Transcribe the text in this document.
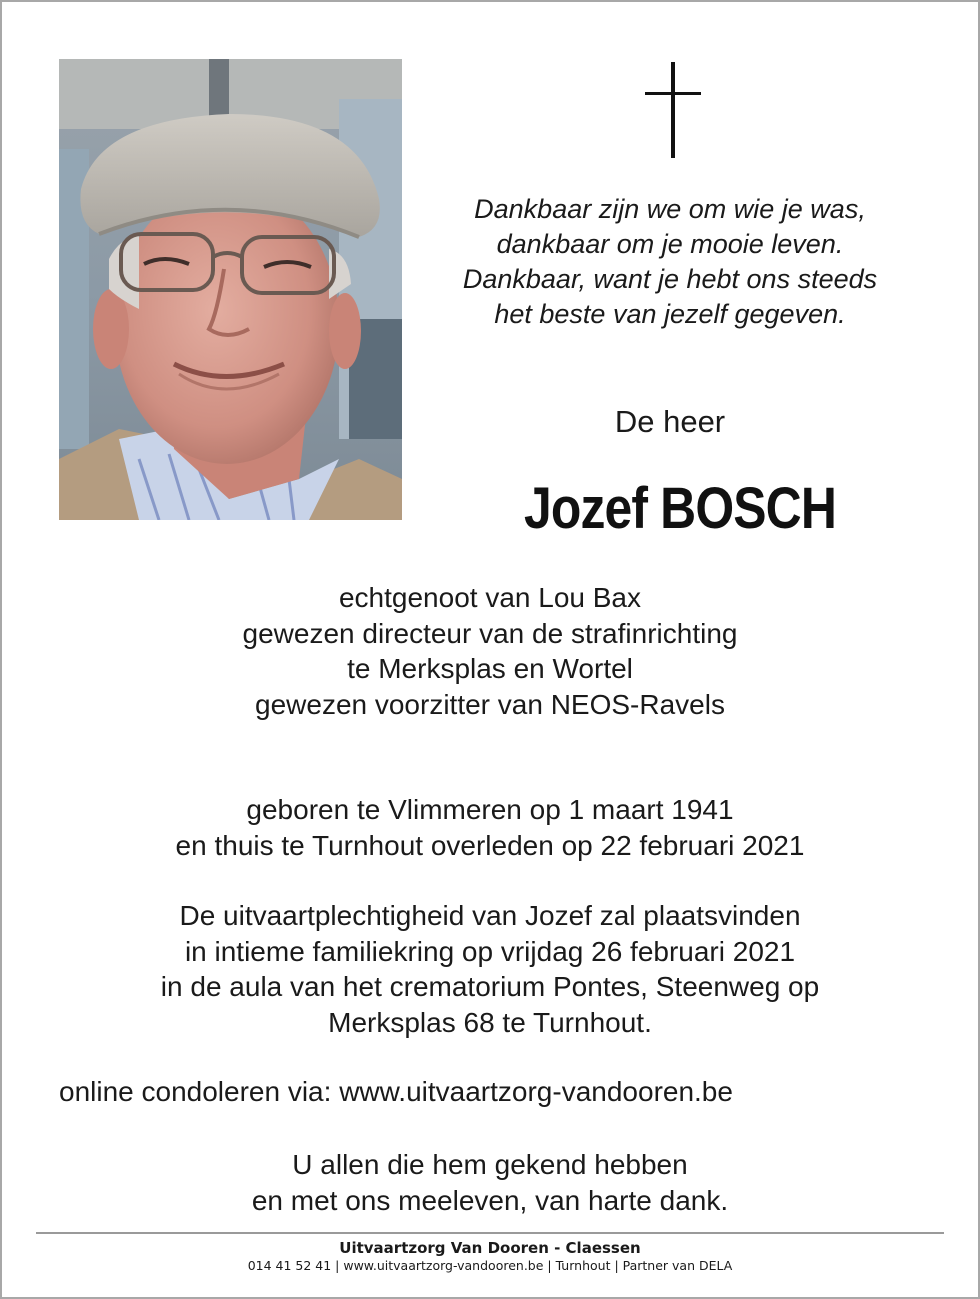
Dankbaar zijn we om wie je was,
dankbaar om je mooie leven.
Dankbaar, want je hebt ons steeds
het beste van jezelf gegeven.
De heer
Jozef BOSCH
echtgenoot van Lou Bax
gewezen directeur van de strafinrichting
te Merksplas en Wortel
gewezen voorzitter van NEOS-Ravels
geboren te Vlimmeren op 1 maart 1941
en thuis te Turnhout overleden op 22 februari 2021
De uitvaartplechtigheid van Jozef zal plaatsvinden
in intieme familiekring op vrijdag 26 februari 2021
in de aula van het crematorium Pontes, Steenweg op
Merksplas 68 te Turnhout.
online condoleren via: www.uitvaartzorg-vandooren.be
U allen die hem gekend hebben
en met ons meeleven, van harte dank.
Uitvaartzorg Van Dooren - Claessen
014 41 52 41 | www.uitvaartzorg-vandooren.be | Turnhout | Partner van DELA
